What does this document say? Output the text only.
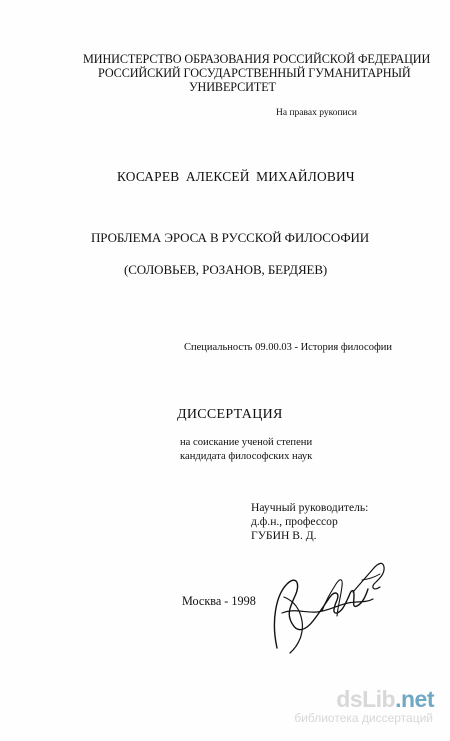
МИНИСТЕРСТВО ОБРАЗОВАНИЯ РОССИЙСКОЙ ФЕДЕРАЦИИ
РОССИЙСКИЙ ГОСУДАРСТВЕННЫЙ ГУМАНИТАРНЫЙ
УНИВЕРСИТЕТ
На правах рукописи
КОСАРЕВ АЛЕКСЕЙ МИХАЙЛОВИЧ
ПРОБЛЕМА ЭРОСА В РУССКОЙ ФИЛОСОФИИ
(СОЛОВЬЕВ, РОЗАНОВ, БЕРДЯЕВ)
Специальность 09.00.03 - История философии
ДИССЕРТАЦИЯ
на соискание ученой степени
кандидата философских наук
Научный руководитель:
д.ф.н., профессор
ГУБИН В. Д.
Москва - 1998
dsLib.net
библиотека диссертаций
